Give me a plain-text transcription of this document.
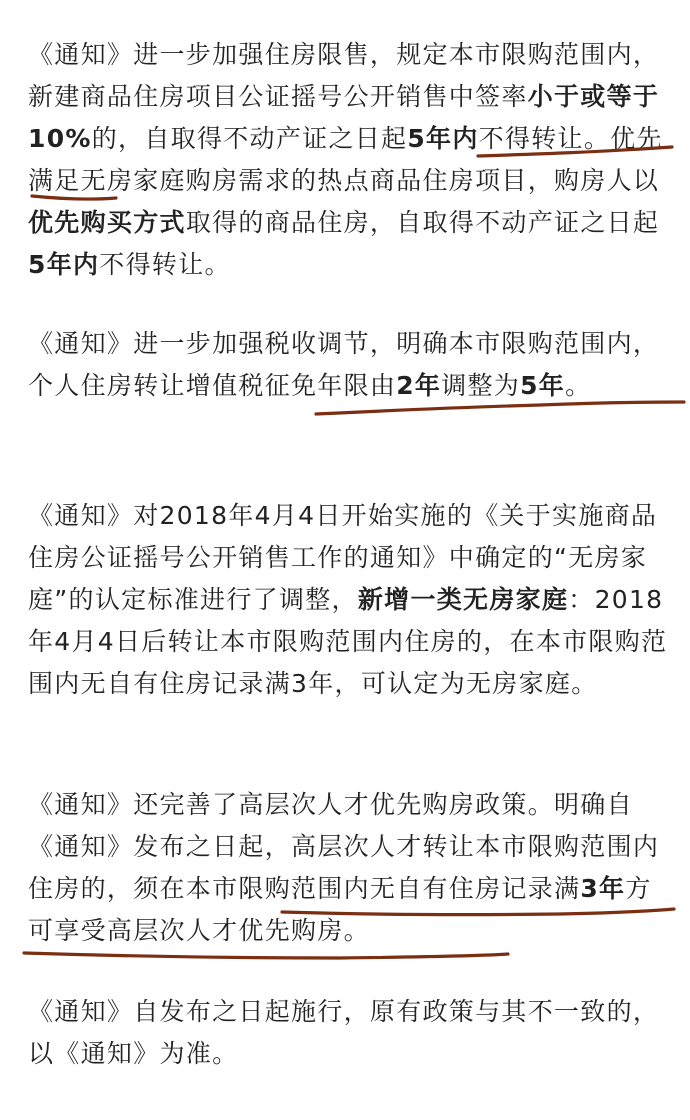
《通知》进一步加强住房限售，规定本市限购范围内，新建商品住房项目公证摇号公开销售中签率小于或等于10%的，自取得不动产证之日起5年内不得转让。优先满足无房家庭购房需求的热点商品住房项目，购房人以优先购买方式取得的商品住房，自取得不动产证之日起5年内不得转让。

《通知》进一步加强税收调节，明确本市限购范围内，个人住房转让增值税征免年限由2年调整为5年。

《通知》对2018年4月4日开始实施的《关于实施商品住房公证摇号公开销售工作的通知》中确定的“无房家庭”的认定标准进行了调整，新增一类无房家庭：2018年4月4日后转让本市限购范围内住房的，在本市限购范围内无自有住房记录满3年，可认定为无房家庭。

《通知》还完善了高层次人才优先购房政策。明确自《通知》发布之日起，高层次人才转让本市限购范围内住房的，须在本市限购范围内无自有住房记录满3年方可享受高层次人才优先购房。

《通知》自发布之日起施行，原有政策与其不一致的，以《通知》为准。
